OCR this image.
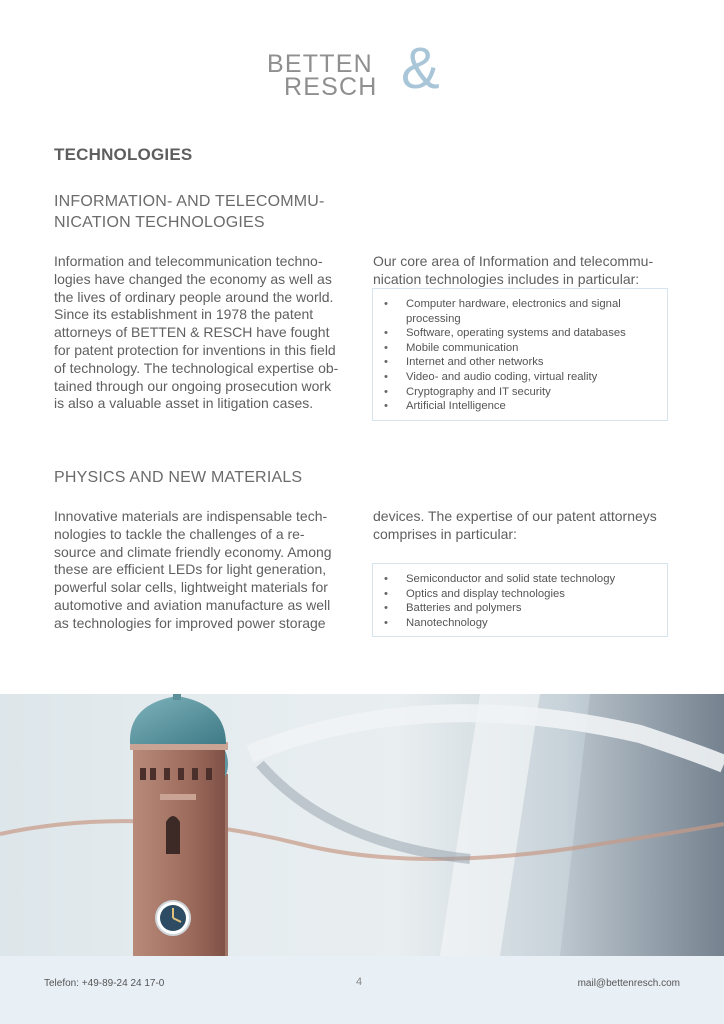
BETTEN
RESCH &
TECHNOLOGIES
INFORMATION- AND TELECOMMU-
NICATION TECHNOLOGIES

Information and telecommunication techno-
logies have changed the economy as well as
the lives of ordinary people around the world.
Since its establishment in 1978 the patent
attorneys of BETTEN & RESCH have fought
for patent protection for inventions in this field
of technology. The technological expertise ob-
tained through our ongoing prosecution work
is also a valuable asset in litigation cases.

Our core area of Information and telecommu-
nication technologies includes in particular:

• Computer hardware, electronics and signal processing
• Software, operating systems and databases
• Mobile communication
• Internet and other networks
• Video- and audio coding, virtual reality
• Cryptography and IT security
• Artificial Intelligence
PHYSICS AND NEW MATERIALS

Innovative materials are indispensable tech-
nologies to tackle the challenges of a re-
source and climate friendly economy. Among
these are efficient LEDs for light generation,
powerful solar cells, lightweight materials for
automotive and aviation manufacture as well
as technologies for improved power storage

devices. The expertise of our patent attorneys
comprises in particular:

• Semiconductor and solid state technology
• Optics and display technologies
• Batteries and polymers
• Nanotechnology
Telefon: +49-89-24 24 17-0	4	mail@bettenresch.com
